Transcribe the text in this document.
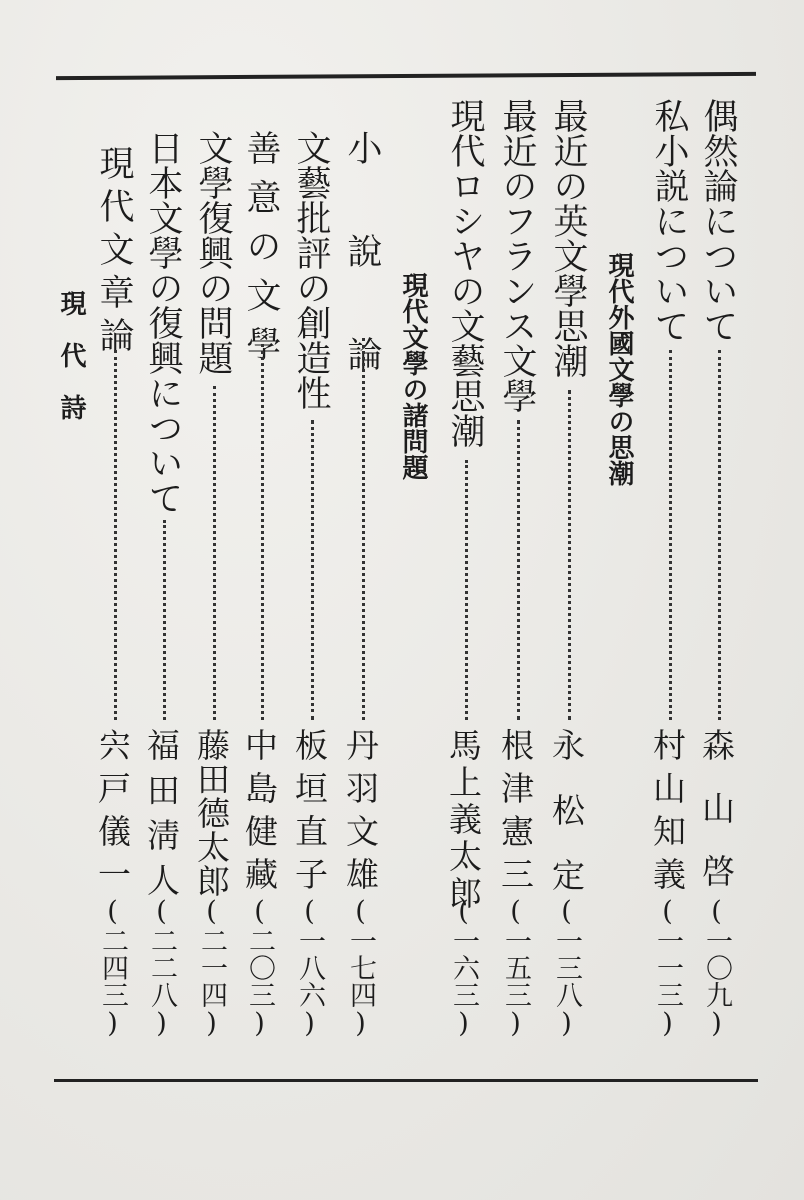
偶然論について
森山啓
(一〇九)
私小説について
村山知義
(一一三)
現代外國文學の思潮
最近の英文學思潮
永松定
(一三八)
最近のフランス文學
根津憲三
(一五三)
現代ロシヤの文藝思潮
馬上義太郎
(一六三)
現代文學の諸問題
小說論
丹羽文雄
(一七四)
文藝批評の創造性
板垣直子
(一八六)
善意の文學
中島健藏
(二〇三)
文學復興の問題
藤田德太郎
(二一四)
日本文學の復興について
福田淸人
(二二八)
現代文章論
宍戸儀一
(二四三)
現代詩
